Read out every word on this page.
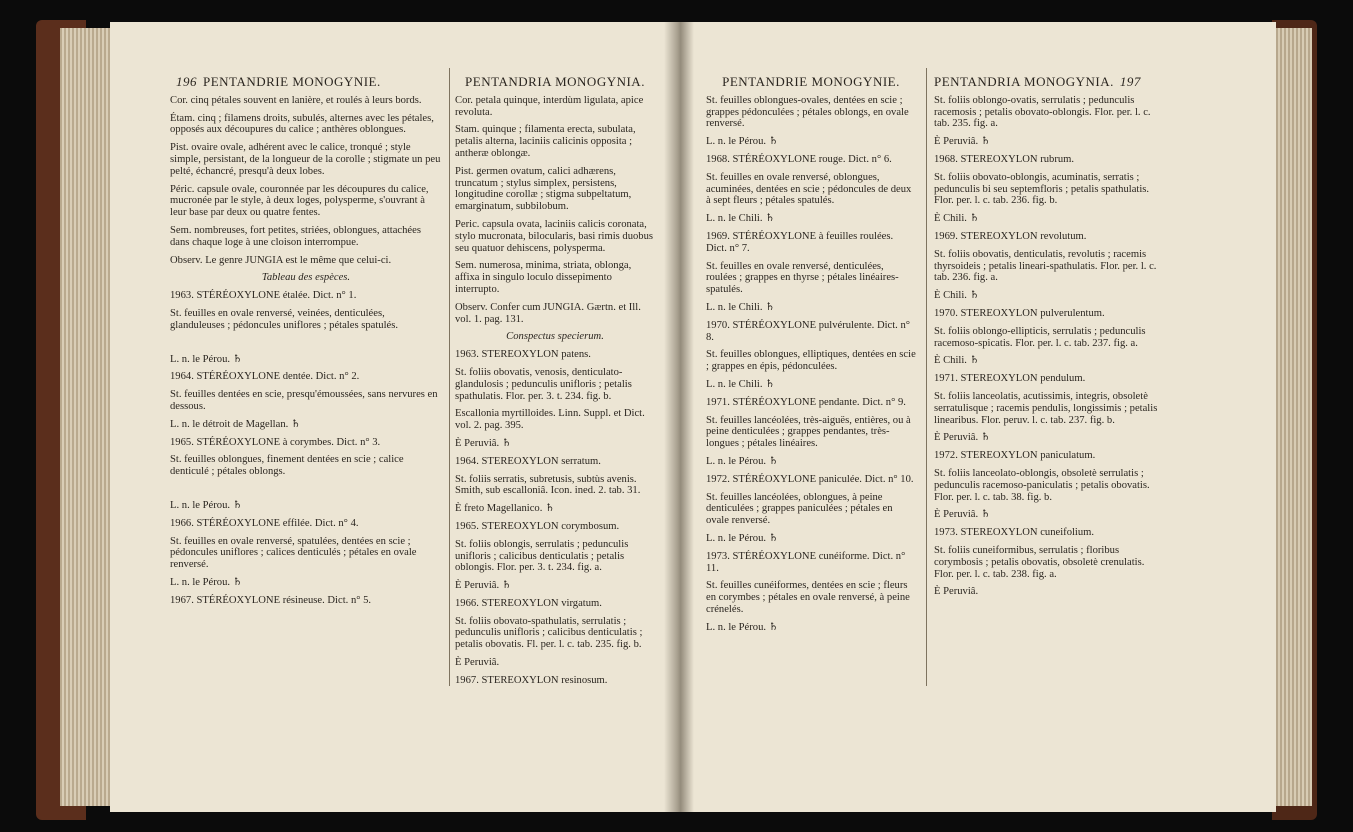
196 PENTANDRIE MONOGYNIE.

Cor. cinq pétales souvent en lanière, et roulés à leurs bords.

Étam. cinq ; filamens droits, subulés, alternes avec les pétales, opposés aux découpures du calice ; anthères oblongues.

Pist. ovaire ovale, adhérent avec le calice, tronqué ; style simple, persistant, de la longueur de la corolle ; stigmate un peu pelté, échancré, presqu'à deux lobes.

Péric. capsule ovale, couronnée par les découpures du calice, mucronée par le style, à deux loges, polysperme, s'ouvrant à leur base par deux ou quatre fentes.

Sem. nombreuses, fort petites, striées, oblongues, attachées dans chaque loge à une cloison interrompue.

Observ. Le genre JUNGIA est le même que celui-ci.

Tableau des espèces.

1963. STÉRÉOXYLONE étalée. Dict. n° 1.

St. feuilles en ovale renversé, veinées, denticulées, glanduleuses ; pédoncules uniflores ; pétales spatulés.

L. n. le Pérou. ♄

1964. STÉRÉOXYLONE dentée. Dict. n° 2.

St. feuilles dentées en scie, presqu'émoussées, sans nervures en dessous.

L. n. le détroit de Magellan. ♄

1965. STÉRÉOXYLONE à corymbes. Dict. n° 3.

St. feuilles oblongues, finement dentées en scie ; calice denticulé ; pétales oblongs.

L. n. le Pérou. ♄

1966. STÉRÉOXYLONE effilée. Dict. n° 4.

St. feuilles en ovale renversé, spatulées, dentées en scie ; pédoncules uniflores ; calices denticulés ; pétales en ovale renversé.

L. n. le Pérou. ♄

1967. STÉRÉOXYLONE résineuse. Dict. n° 5.

PENTANDRIA MONOGYNIA.

Cor. petala quinque, interdùm ligulata, apice revoluta.

Stam. quinque ; filamenta erecta, subulata, petalis alterna, laciniis calicinis opposita ; antheræ oblongæ.

Pist. germen ovatum, calici adhærens, truncatum ; stylus simplex, persistens, longitudine corollæ ; stigma subpeltatum, emarginatum, subbilobum.

Peric. capsula ovata, laciniis calicis coronata, stylo mucronata, bilocularis, basi rimis duobus seu quatuor dehiscens, polysperma.

Sem. numerosa, minima, striata, oblonga, affixa in singulo loculo dissepimento interrupto.

Observ. Confer cum JUNGIA. Gærtn. et Ill. vol. 1. pag. 131.

Conspectus specierum.

1963. STEREOXYLON patens.

St. foliis obovatis, venosis, denticulato-glandulosis ; pedunculis unifloris ; petalis spathulatis. Flor. per. 3. t. 234. fig. b.

Escallonia myrtilloides. Linn. Suppl. et Dict. vol. 2. pag. 395.

È Peruviâ. ♄

1964. STEREOXYLON serratum.

St. foliis serratis, subretusis, subtùs avenis. Smith, sub escalloniâ. Icon. ined. 2. tab. 31.

È freto Magellanico. ♄

1965. STEREOXYLON corymbosum.

St. foliis oblongis, serrulatis ; pedunculis unifloris ; calicibus denticulatis ; petalis oblongis. Flor. per. 3. t. 234. fig. a.

È Peruviâ. ♄

1966. STEREOXYLON virgatum.

St. foliis obovato-spathulatis, serrulatis ; pedunculis unifloris ; calicibus denticulatis ; petalis obovatis. Fl. per. l. c. tab. 235. fig. b.

È Peruviâ.

1967. STEREOXYLON resinosum.

PENTANDRIE MONOGYNIE.

St. feuilles oblongues-ovales, dentées en scie ; grappes pédonculées ; pétales oblongs, en ovale renversé.

L. n. le Pérou. ♄

1968. STÉRÉOXYLONE rouge. Dict. n° 6.

St. feuilles en ovale renversé, oblongues, acuminées, dentées en scie ; pédoncules de deux à sept fleurs ; pétales spatulés.

L. n. le Chili. ♄

1969. STÉRÉOXYLONE à feuilles roulées. Dict. n° 7.

St. feuilles en ovale renversé, denticulées, roulées ; grappes en thyrse ; pétales linéaires-spatulés.

L. n. le Chili. ♄

1970. STÉRÉOXYLONE pulvérulente. Dict. n° 8.

St. feuilles oblongues, elliptiques, dentées en scie ; grappes en épis, pédonculées.

L. n. le Chili. ♄

1971. STÉRÉOXYLONE pendante. Dict. n° 9.

St. feuilles lancéolées, très-aiguës, entières, ou à peine denticulées ; grappes pendantes, très-longues ; pétales linéaires.

L. n. le Pérou. ♄

1972. STÉRÉOXYLONE paniculée. Dict. n° 10.

St. feuilles lancéolées, oblongues, à peine denticulées ; grappes paniculées ; pétales en ovale renversé.

L. n. le Pérou. ♄

1973. STÉRÉOXYLONE cunéiforme. Dict. n° 11.

St. feuilles cunéiformes, dentées en scie ; fleurs en corymbes ; pétales en ovale renversé, à peine crénelés.

L. n. le Pérou. ♄

PENTANDRIA MONOGYNIA. 197

St. foliis oblongo-ovatis, serrulatis ; pedunculis racemosis ; petalis obovato-oblongis. Flor. per. l. c. tab. 235. fig. a.

È Peruviâ. ♄

1968. STEREOXYLON rubrum.

St. foliis obovato-oblongis, acuminatis, serratis ; pedunculis bi seu septemfloris ; petalis spathulatis. Flor. per. l. c. tab. 236. fig. b.

È Chili. ♄

1969. STEREOXYLON revolutum.

St. foliis obovatis, denticulatis, revolutis ; racemis thyrsoideis ; petalis lineari-spathulatis. Flor. per. l. c. tab. 236. fig. a.

È Chili. ♄

1970. STEREOXYLON pulverulentum.

St. foliis oblongo-ellipticis, serrulatis ; pedunculis racemoso-spicatis. Flor. per. l. c. tab. 237. fig. a.

È Chili. ♄

1971. STEREOXYLON pendulum.

St. foliis lanceolatis, acutissimis, integris, obsoletè serratulisque ; racemis pendulis, longissimis ; petalis linearibus. Flor. peruv. l. c. tab. 237. fig. b.

È Peruviâ. ♄

1972. STEREOXYLON paniculatum.

St. foliis lanceolato-oblongis, obsoletè serrulatis ; pedunculis racemoso-paniculatis ; petalis obovatis. Flor. per. l. c. tab. 38. fig. b.

È Peruviâ. ♄

1973. STEREOXYLON cuneifolium.

St. foliis cuneiformibus, serrulatis ; floribus corymbosis ; petalis obovatis, obsoletè crenulatis. Flor. per. l. c. tab. 238. fig. a.

È Peruviâ.
